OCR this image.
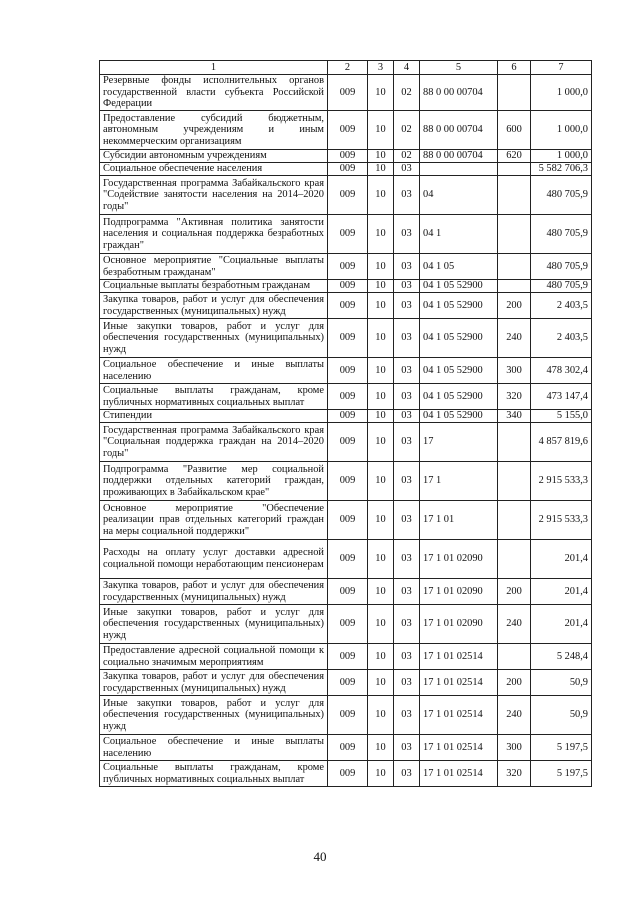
1	2	3	4	5	6	7
Резервные фонды исполнительных органов государственной власти субъекта Российской Федерации	009	10	02	88 0 00 00704		1 000,0
Предоставление субсидий бюджетным, автономным учреждениям и иным некоммерческим организациям	009	10	02	88 0 00 00704	600	1 000,0
Субсидии автономным учреждениям	009	10	02	88 0 00 00704	620	1 000,0
Социальное обеспечение населения	009	10	03			5 582 706,3
Государственная программа Забайкальского края "Содействие занятости населения на 2014–2020 годы"	009	10	03	04		480 705,9
Подпрограмма "Активная политика занятости населения и социальная поддержка безработных граждан"	009	10	03	04 1		480 705,9
Основное мероприятие "Социальные выплаты безработным гражданам"	009	10	03	04 1 05		480 705,9
Социальные выплаты безработным гражданам	009	10	03	04 1 05 52900		480 705,9
Закупка товаров, работ и услуг для обеспечения государственных (муниципальных) нужд	009	10	03	04 1 05 52900	200	2 403,5
Иные закупки товаров, работ и услуг для обеспечения государственных (муниципальных) нужд	009	10	03	04 1 05 52900	240	2 403,5
Социальное обеспечение и иные выплаты населению	009	10	03	04 1 05 52900	300	478 302,4
Социальные выплаты гражданам, кроме публичных нормативных социальных выплат	009	10	03	04 1 05 52900	320	473 147,4
Стипендии	009	10	03	04 1 05 52900	340	5 155,0
Государственная программа Забайкальского края "Социальная поддержка граждан на 2014–2020 годы"	009	10	03	17		4 857 819,6
Подпрограмма "Развитие мер социальной поддержки отдельных категорий граждан, проживающих в Забайкальском крае"	009	10	03	17 1		2 915 533,3
Основное мероприятие "Обеспечение реализации прав отдельных категорий граждан на меры социальной поддержки"	009	10	03	17 1 01		2 915 533,3
Расходы на оплату услуг доставки адресной социальной помощи неработающим пенсионерам	009	10	03	17 1 01 02090		201,4
Закупка товаров, работ и услуг для обеспечения государственных (муниципальных) нужд	009	10	03	17 1 01 02090	200	201,4
Иные закупки товаров, работ и услуг для обеспечения государственных (муниципальных) нужд	009	10	03	17 1 01 02090	240	201,4
Предоставление адресной социальной помощи к социально значимым мероприятиям	009	10	03	17 1 01 02514		5 248,4
Закупка товаров, работ и услуг для обеспечения государственных (муниципальных) нужд	009	10	03	17 1 01 02514	200	50,9
Иные закупки товаров, работ и услуг для обеспечения государственных (муниципальных) нужд	009	10	03	17 1 01 02514	240	50,9
Социальное обеспечение и иные выплаты населению	009	10	03	17 1 01 02514	300	5 197,5
Социальные выплаты гражданам, кроме публичных нормативных социальных выплат	009	10	03	17 1 01 02514	320	5 197,5
40
